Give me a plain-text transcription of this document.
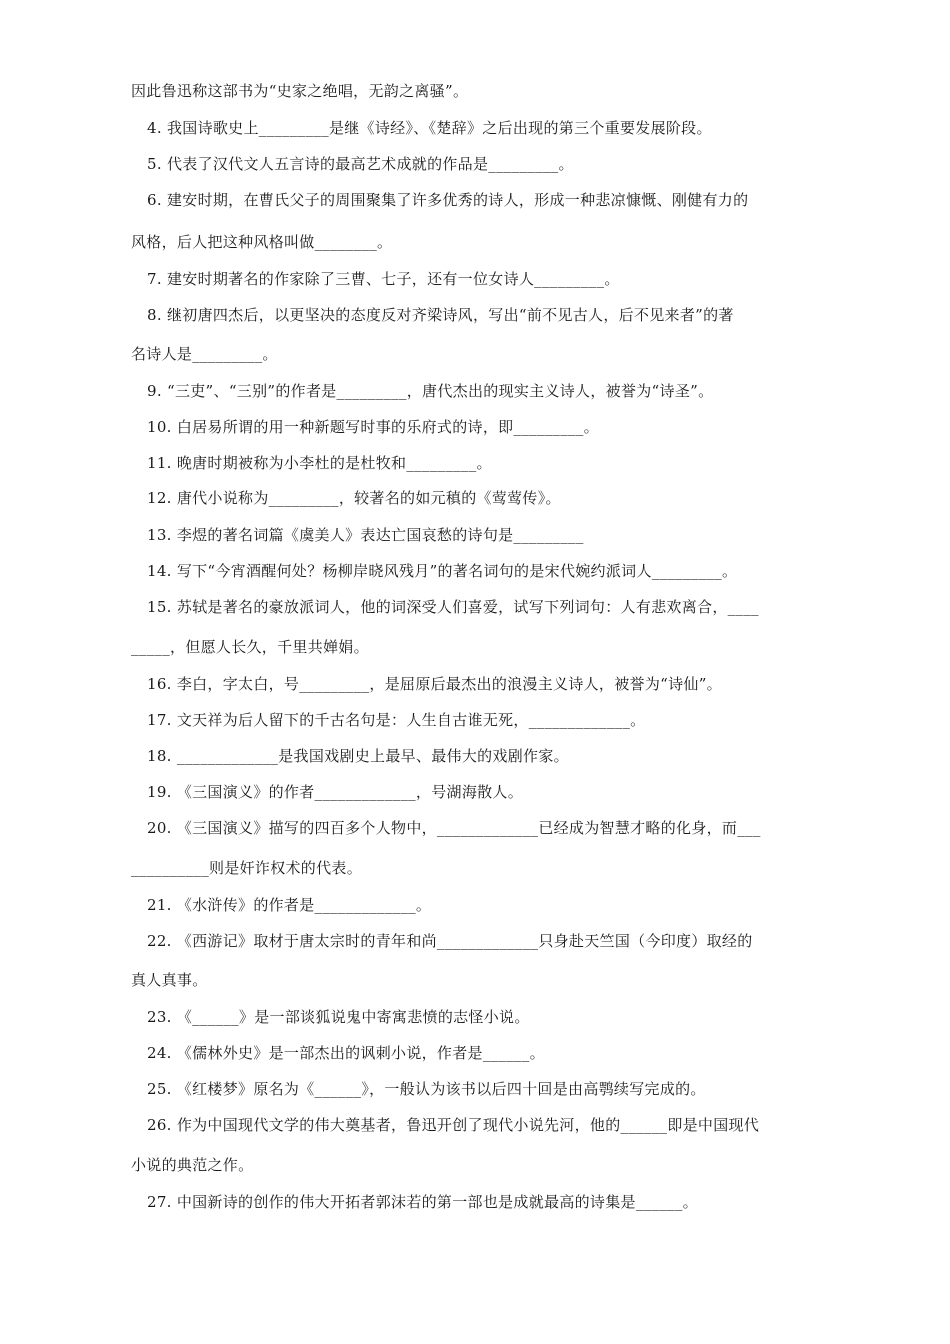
因此鲁迅称这部书为“史家之绝唱，无韵之离骚”。
4. 我国诗歌史上_________是继《诗经》、《楚辞》之后出现的第三个重要发展阶段。
5. 代表了汉代文人五言诗的最高艺术成就的作品是_________。
6. 建安时期，在曹氏父子的周围聚集了许多优秀的诗人，形成一种悲凉慷慨、刚健有力的
风格，后人把这种风格叫做________。
7. 建安时期著名的作家除了三曹、七子，还有一位女诗人_________。
8. 继初唐四杰后，以更坚决的态度反对齐梁诗风，写出“前不见古人，后不见来者”的著
名诗人是_________。
9. “三吏”、“三别”的作者是_________，唐代杰出的现实主义诗人，被誉为“诗圣”。
10. 白居易所谓的用一种新题写时事的乐府式的诗，即_________。
11. 晚唐时期被称为小李杜的是杜牧和_________。
12. 唐代小说称为_________，较著名的如元稹的《莺莺传》。
13. 李煜的著名词篇《虞美人》表达亡国哀愁的诗句是_________
14. 写下“今宵酒醒何处？杨柳岸晓风残月”的著名词句的是宋代婉约派词人_________。
15. 苏轼是著名的豪放派词人，他的词深受人们喜爱，试写下列词句：人有悲欢离合，____
_____，但愿人长久，千里共婵娟。
16. 李白，字太白，号_________，是屈原后最杰出的浪漫主义诗人，被誉为“诗仙”。
17. 文天祥为后人留下的千古名句是：人生自古谁无死，_____________。
18. _____________是我国戏剧史上最早、最伟大的戏剧作家。
19. 《三国演义》的作者_____________，号湖海散人。
20. 《三国演义》描写的四百多个人物中，_____________已经成为智慧才略的化身，而___
__________则是奸诈权术的代表。
21. 《水浒传》的作者是_____________。
22. 《西游记》取材于唐太宗时的青年和尚_____________只身赴天竺国（今印度）取经的
真人真事。
23. 《______》是一部谈狐说鬼中寄寓悲愤的志怪小说。
24. 《儒林外史》是一部杰出的讽刺小说，作者是______。
25. 《红楼梦》原名为《______》，一般认为该书以后四十回是由高鹗续写完成的。
26. 作为中国现代文学的伟大奠基者，鲁迅开创了现代小说先河，他的______即是中国现代
小说的典范之作。
27. 中国新诗的创作的伟大开拓者郭沫若的第一部也是成就最高的诗集是______。
